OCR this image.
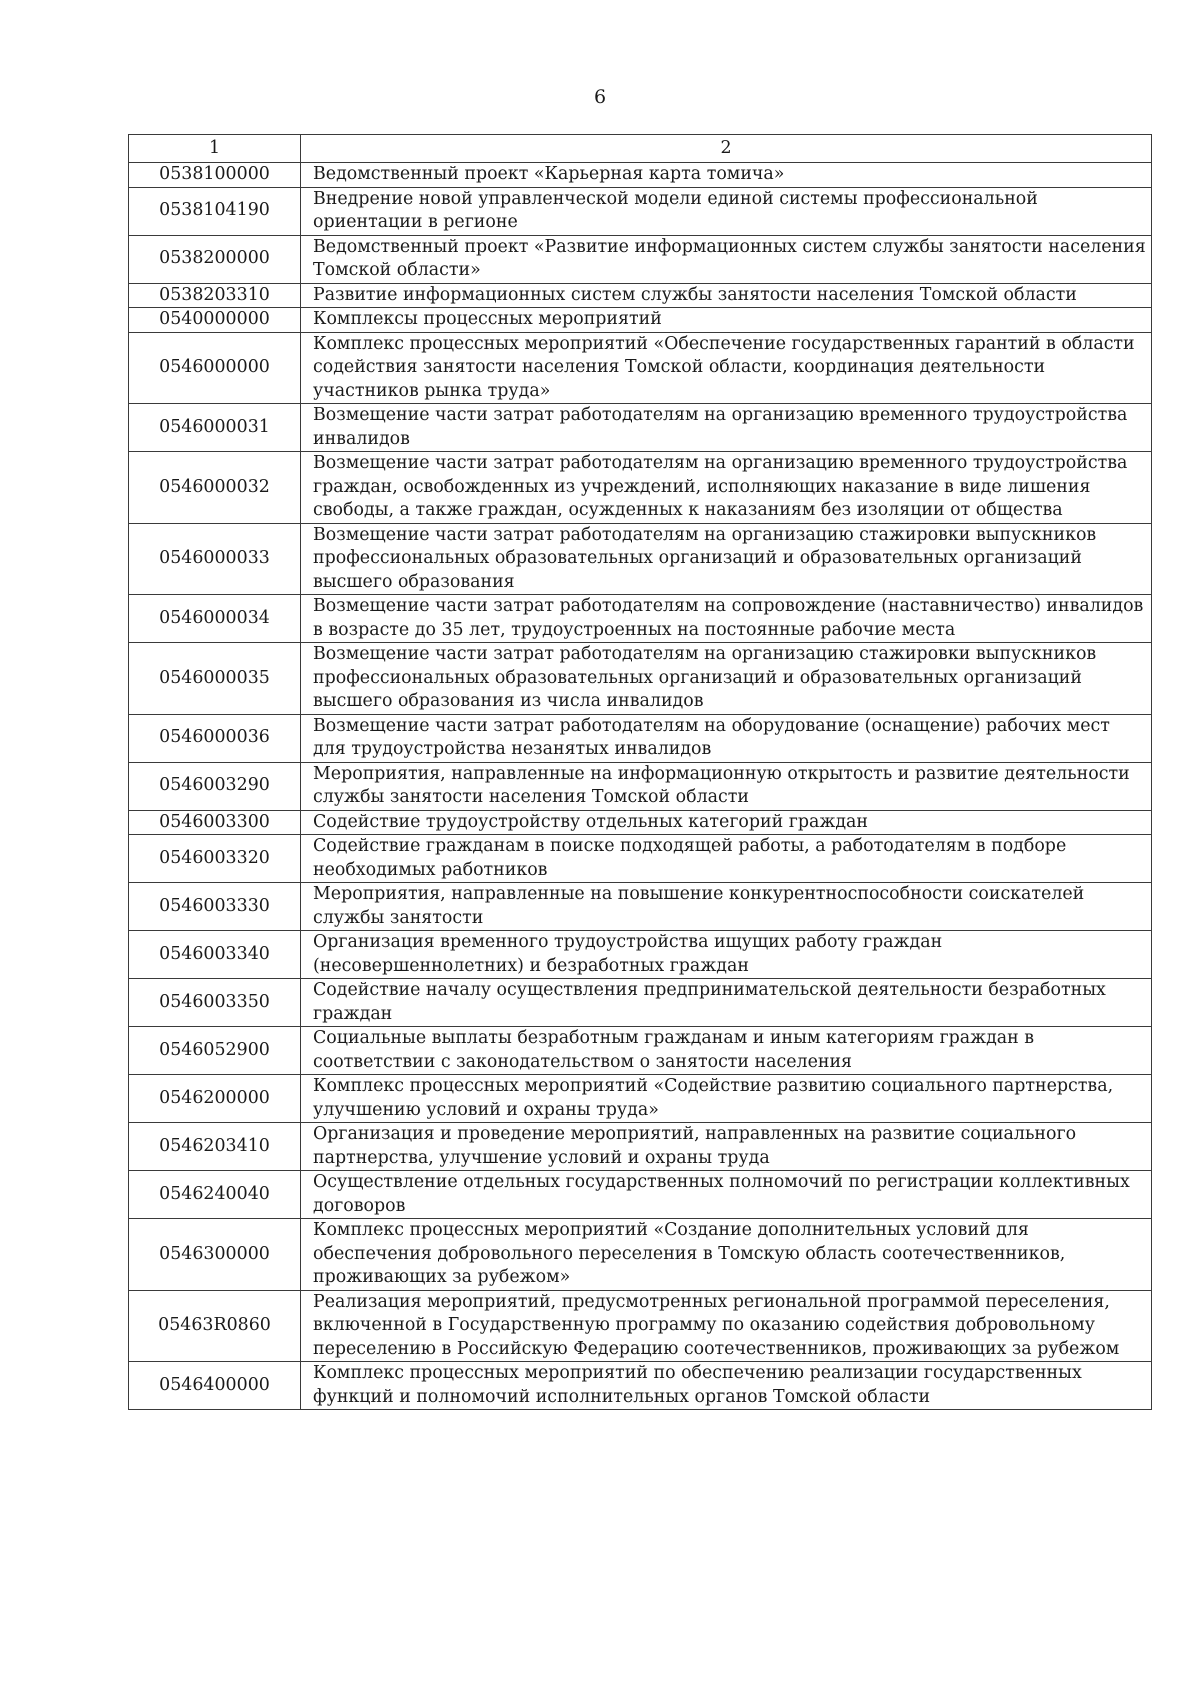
6
1	2
0538100000	Ведомственный проект «Карьерная карта томича»
0538104190	Внедрение новой управленческой модели единой системы профессиональной ориентации в регионе
0538200000	Ведомственный проект «Развитие информационных систем службы занятости населения Томской области»
0538203310	Развитие информационных систем службы занятости населения Томской области
0540000000	Комплексы процессных мероприятий
0546000000	Комплекс процессных мероприятий «Обеспечение государственных гарантий в области содействия занятости населения Томской области, координация деятельности участников рынка труда»
0546000031	Возмещение части затрат работодателям на организацию временного трудоустройства инвалидов
0546000032	Возмещение части затрат работодателям на организацию временного трудоустройства граждан, освобожденных из учреждений, исполняющих наказание в виде лишения свободы, а также граждан, осужденных к наказаниям без изоляции от общества
0546000033	Возмещение части затрат работодателям на организацию стажировки выпускников профессиональных образовательных организаций и образовательных организаций высшего образования
0546000034	Возмещение части затрат работодателям на сопровождение (наставничество) инвалидов в возрасте до 35 лет, трудоустроенных на постоянные рабочие места
0546000035	Возмещение части затрат работодателям на организацию стажировки выпускников профессиональных образовательных организаций и образовательных организаций высшего образования из числа инвалидов
0546000036	Возмещение части затрат работодателям на оборудование (оснащение) рабочих мест для трудоустройства незанятых инвалидов
0546003290	Мероприятия, направленные на информационную открытость и развитие деятельности службы занятости населения Томской области
0546003300	Содействие трудоустройству отдельных категорий граждан
0546003320	Содействие гражданам в поиске подходящей работы, а работодателям в подборе необходимых работников
0546003330	Мероприятия, направленные на повышение конкурентноспособности соискателей службы занятости
0546003340	Организация временного трудоустройства ищущих работу граждан (несовершеннолетних) и безработных граждан
0546003350	Содействие началу осуществления предпринимательской деятельности безработных граждан
0546052900	Социальные выплаты безработным гражданам и иным категориям граждан в соответствии с законодательством о занятости населения
0546200000	Комплекс процессных мероприятий «Содействие развитию социального партнерства, улучшению условий и охраны труда»
0546203410	Организация и проведение мероприятий, направленных на развитие социального партнерства, улучшение условий и охраны труда
0546240040	Осуществление отдельных государственных полномочий по регистрации коллективных договоров
0546300000	Комплекс процессных мероприятий «Создание дополнительных условий для обеспечения добровольного переселения в Томскую область соотечественников, проживающих за рубежом»
05463R0860	Реализация мероприятий, предусмотренных региональной программой переселения, включенной в Государственную программу по оказанию содействия добровольному переселению в Российскую Федерацию соотечественников, проживающих за рубежом
0546400000	Комплекс процессных мероприятий по обеспечению реализации государственных функций и полномочий исполнительных органов Томской области
